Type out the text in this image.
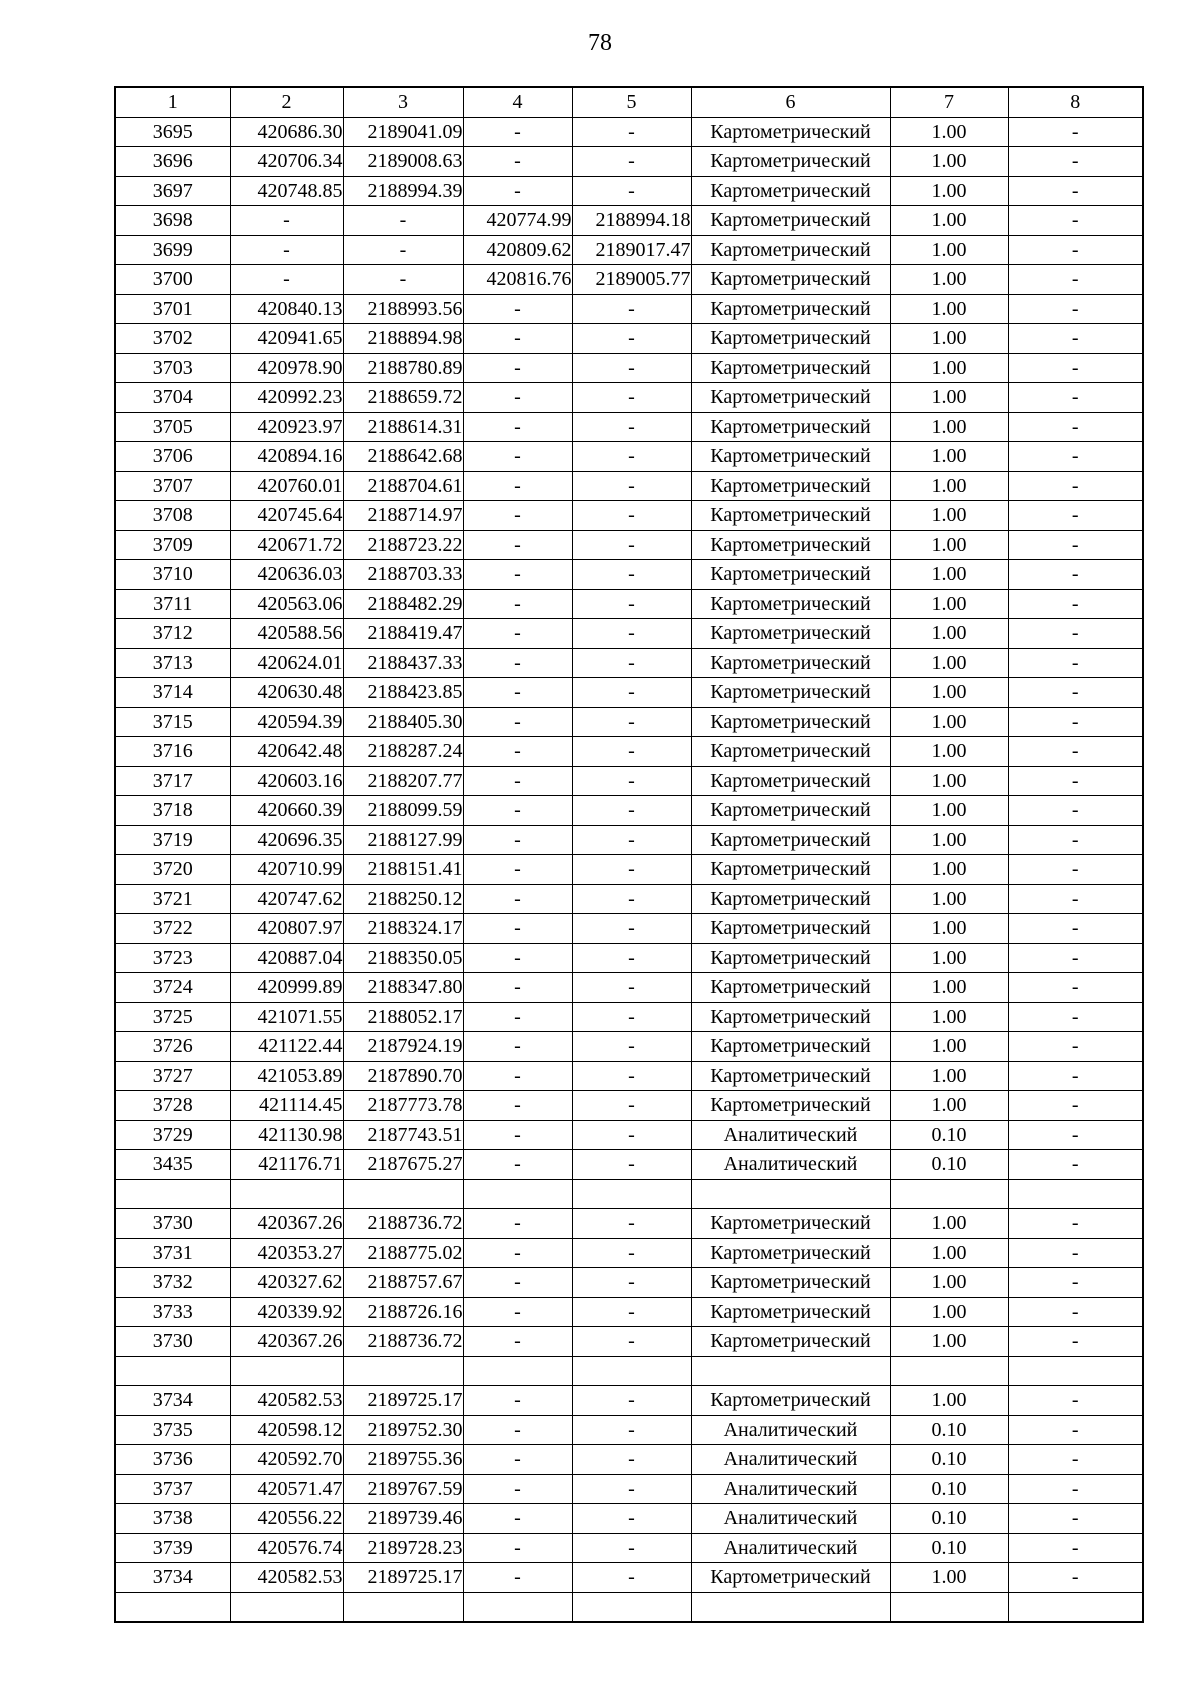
78
1	2	3	4	5	6	7	8
3695	420686.30	2189041.09	-	-	Картометрический	1.00	-
3696	420706.34	2189008.63	-	-	Картометрический	1.00	-
3697	420748.85	2188994.39	-	-	Картометрический	1.00	-
3698	-	-	420774.99	2188994.18	Картометрический	1.00	-
3699	-	-	420809.62	2189017.47	Картометрический	1.00	-
3700	-	-	420816.76	2189005.77	Картометрический	1.00	-
3701	420840.13	2188993.56	-	-	Картометрический	1.00	-
3702	420941.65	2188894.98	-	-	Картометрический	1.00	-
3703	420978.90	2188780.89	-	-	Картометрический	1.00	-
3704	420992.23	2188659.72	-	-	Картометрический	1.00	-
3705	420923.97	2188614.31	-	-	Картометрический	1.00	-
3706	420894.16	2188642.68	-	-	Картометрический	1.00	-
3707	420760.01	2188704.61	-	-	Картометрический	1.00	-
3708	420745.64	2188714.97	-	-	Картометрический	1.00	-
3709	420671.72	2188723.22	-	-	Картометрический	1.00	-
3710	420636.03	2188703.33	-	-	Картометрический	1.00	-
3711	420563.06	2188482.29	-	-	Картометрический	1.00	-
3712	420588.56	2188419.47	-	-	Картометрический	1.00	-
3713	420624.01	2188437.33	-	-	Картометрический	1.00	-
3714	420630.48	2188423.85	-	-	Картометрический	1.00	-
3715	420594.39	2188405.30	-	-	Картометрический	1.00	-
3716	420642.48	2188287.24	-	-	Картометрический	1.00	-
3717	420603.16	2188207.77	-	-	Картометрический	1.00	-
3718	420660.39	2188099.59	-	-	Картометрический	1.00	-
3719	420696.35	2188127.99	-	-	Картометрический	1.00	-
3720	420710.99	2188151.41	-	-	Картометрический	1.00	-
3721	420747.62	2188250.12	-	-	Картометрический	1.00	-
3722	420807.97	2188324.17	-	-	Картометрический	1.00	-
3723	420887.04	2188350.05	-	-	Картометрический	1.00	-
3724	420999.89	2188347.80	-	-	Картометрический	1.00	-
3725	421071.55	2188052.17	-	-	Картометрический	1.00	-
3726	421122.44	2187924.19	-	-	Картометрический	1.00	-
3727	421053.89	2187890.70	-	-	Картометрический	1.00	-
3728	421114.45	2187773.78	-	-	Картометрический	1.00	-
3729	421130.98	2187743.51	-	-	Аналитический	0.10	-
3435	421176.71	2187675.27	-	-	Аналитический	0.10	-

3730	420367.26	2188736.72	-	-	Картометрический	1.00	-
3731	420353.27	2188775.02	-	-	Картометрический	1.00	-
3732	420327.62	2188757.67	-	-	Картометрический	1.00	-
3733	420339.92	2188726.16	-	-	Картометрический	1.00	-
3730	420367.26	2188736.72	-	-	Картометрический	1.00	-

3734	420582.53	2189725.17	-	-	Картометрический	1.00	-
3735	420598.12	2189752.30	-	-	Аналитический	0.10	-
3736	420592.70	2189755.36	-	-	Аналитический	0.10	-
3737	420571.47	2189767.59	-	-	Аналитический	0.10	-
3738	420556.22	2189739.46	-	-	Аналитический	0.10	-
3739	420576.74	2189728.23	-	-	Аналитический	0.10	-
3734	420582.53	2189725.17	-	-	Картометрический	1.00	-
